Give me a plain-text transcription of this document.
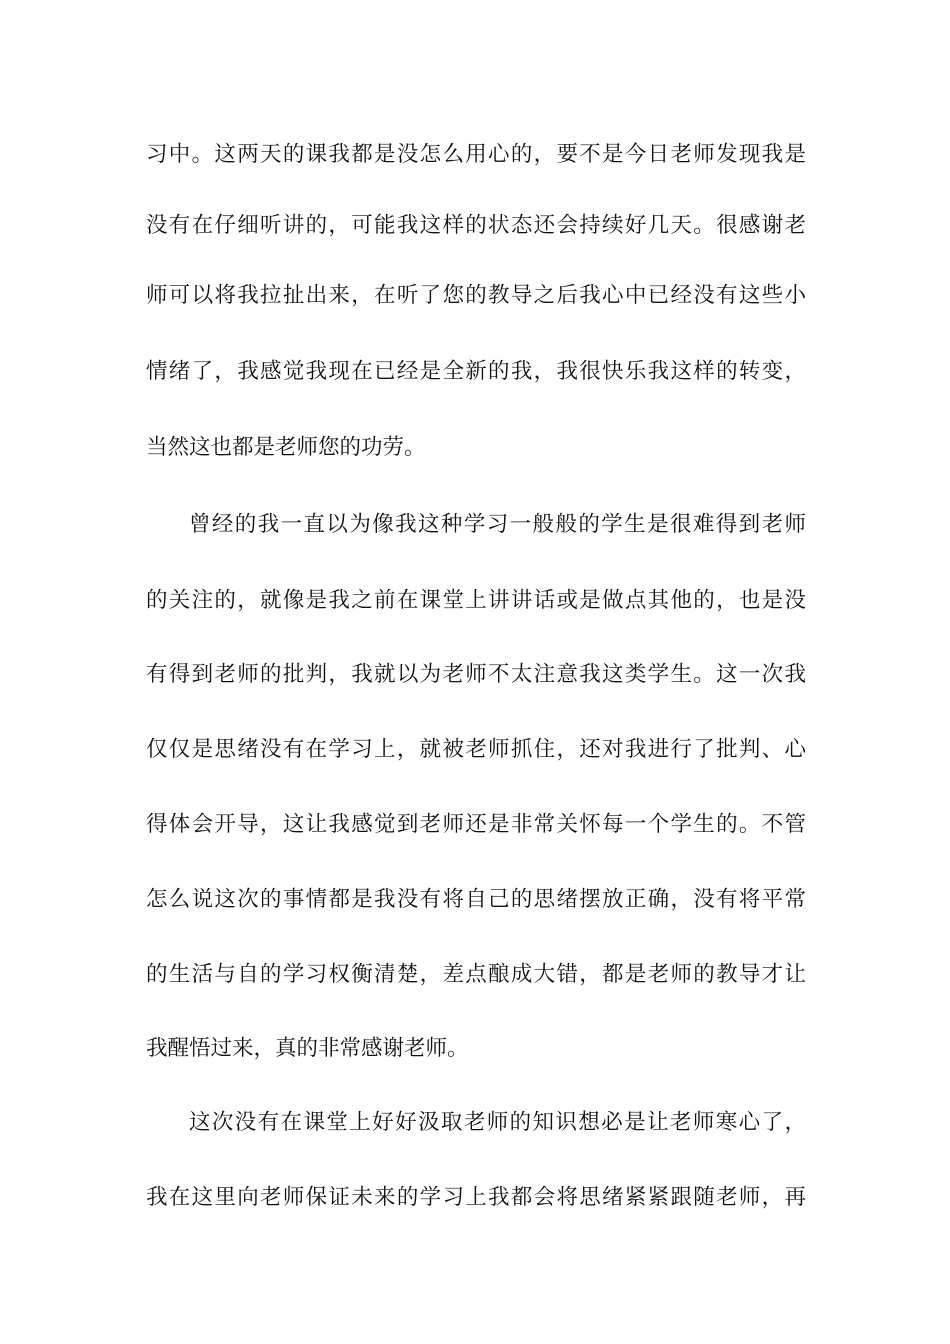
习中。这两天的课我都是没怎么用心的，要不是今日老师发现我是
没有在仔细听讲的，可能我这样的状态还会持续好几天。很感谢老
师可以将我拉扯出来，在听了您的教导之后我心中已经没有这些小
情绪了，我感觉我现在已经是全新的我，我很快乐我这样的转变，
当然这也都是老师您的功劳。
曾经的我一直以为像我这种学习一般般的学生是很难得到老师
的关注的，就像是我之前在课堂上讲讲话或是做点其他的，也是没
有得到老师的批判，我就以为老师不太注意我这类学生。这一次我
仅仅是思绪没有在学习上，就被老师抓住，还对我进行了批判、心
得体会开导，这让我感觉到老师还是非常关怀每一个学生的。不管
怎么说这次的事情都是我没有将自己的思绪摆放正确，没有将平常
的生活与自的学习权衡清楚，差点酿成大错，都是老师的教导才让
我醒悟过来，真的非常感谢老师。
这次没有在课堂上好好汲取老师的知识想必是让老师寒心了，
我在这里向老师保证未来的学习上我都会将思绪紧紧跟随老师，再
